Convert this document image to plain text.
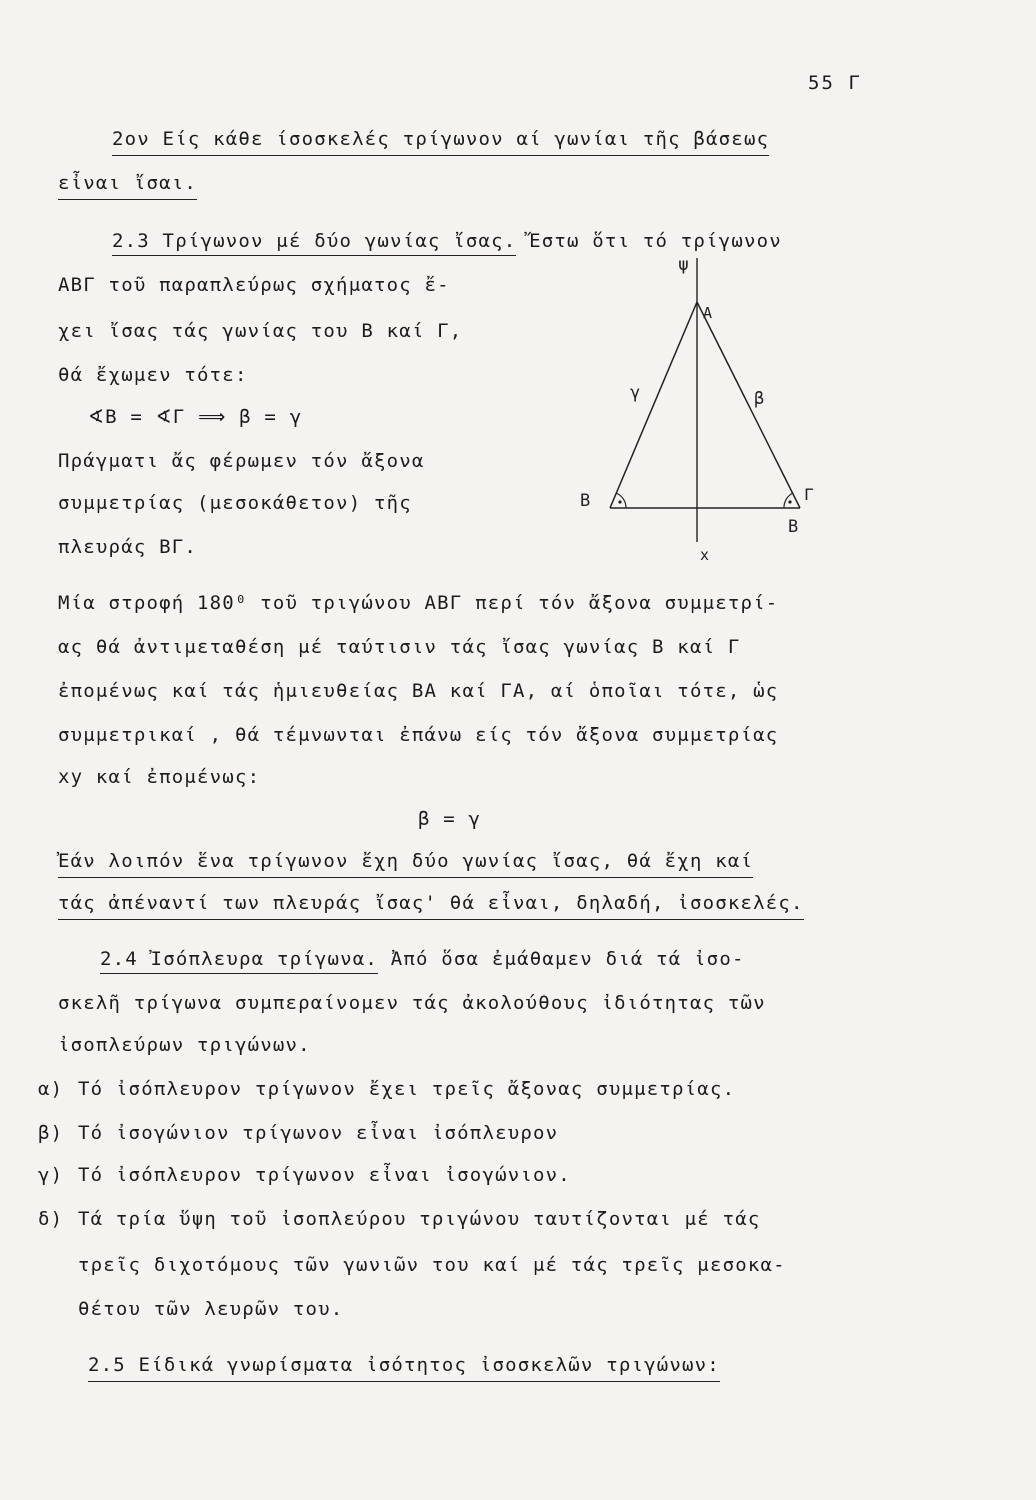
55 Γ
2ον Είς κάθε ίσοσκελές τρίγωνον αί γωνίαι τῆς βάσεως
εἶναι ἴσαι.
2.3 Τρίγωνον μέ δύο γωνίας ἴσας. Ἔστω ὅτι τό τρίγωνον
ΑΒΓ τοῦ παραπλεύρως σχήματος ἔ-
χει ἴσας τάς γωνίας του Β καί Γ,
θά ἔχωμεν τότε:
∢Β = ∢Γ ⟹ β = γ
Πράγματι ἄς φέρωμεν τόν ἄξονα
συμμετρίας (μεσοκάθετον) τῆς
πλευράς ΒΓ.
ψ
Α
γ	β
Β	Γ
Β
x
Μία στροφή 180⁰ τοῦ τριγώνου ΑΒΓ περί τόν ἄξονα συμμετρί-
ας θά ἀντιμεταθέση μέ ταύτισιν τάς ἴσας γωνίας Β καί Γ
ἐπομένως καί τάς ἡμιευθείας ΒΑ καί ΓΑ, αί ὁποῖαι τότε, ὡς
συμμετρικαί , θά τέμνωνται ἐπάνω είς τόν ἄξονα συμμετρίας
xy καί ἐπομένως:
β = γ
Ἐάν λοιπόν ἕνα τρίγωνον ἔχη δύο γωνίας ἴσας, θά ἔχη καί
τάς ἀπέναντί των πλευράς ἴσας' θά εἶναι, δηλαδή, ἰσοσκελές.
2.4 Ἰσόπλευρα τρίγωνα. Ἀπό ὅσα ἐμάθαμεν διά τά ἰσο-
σκελῆ τρίγωνα συμπεραίνομεν τάς ἀκολούθους ἰδιότητας τῶν
ἰσοπλεύρων τριγώνων.
α) Τό ἰσόπλευρον τρίγωνον ἔχει τρεῖς ἄξονας συμμετρίας.
β) Τό ἰσογώνιον τρίγωνον εἶναι ἰσόπλευρον
γ) Τό ἰσόπλευρον τρίγωνον εἶναι ἰσογώνιον.
δ) Τά τρία ὕψη τοῦ ἰσοπλεύρου τριγώνου ταυτίζονται μέ τάς
τρεῖς διχοτόμους τῶν γωνιῶν του καί μέ τάς τρεῖς μεσοκα-
θέτου τῶν λευρῶν του.
2.5 Είδικά γνωρίσματα ἰσότητος ἰσοσκελῶν τριγώνων:
